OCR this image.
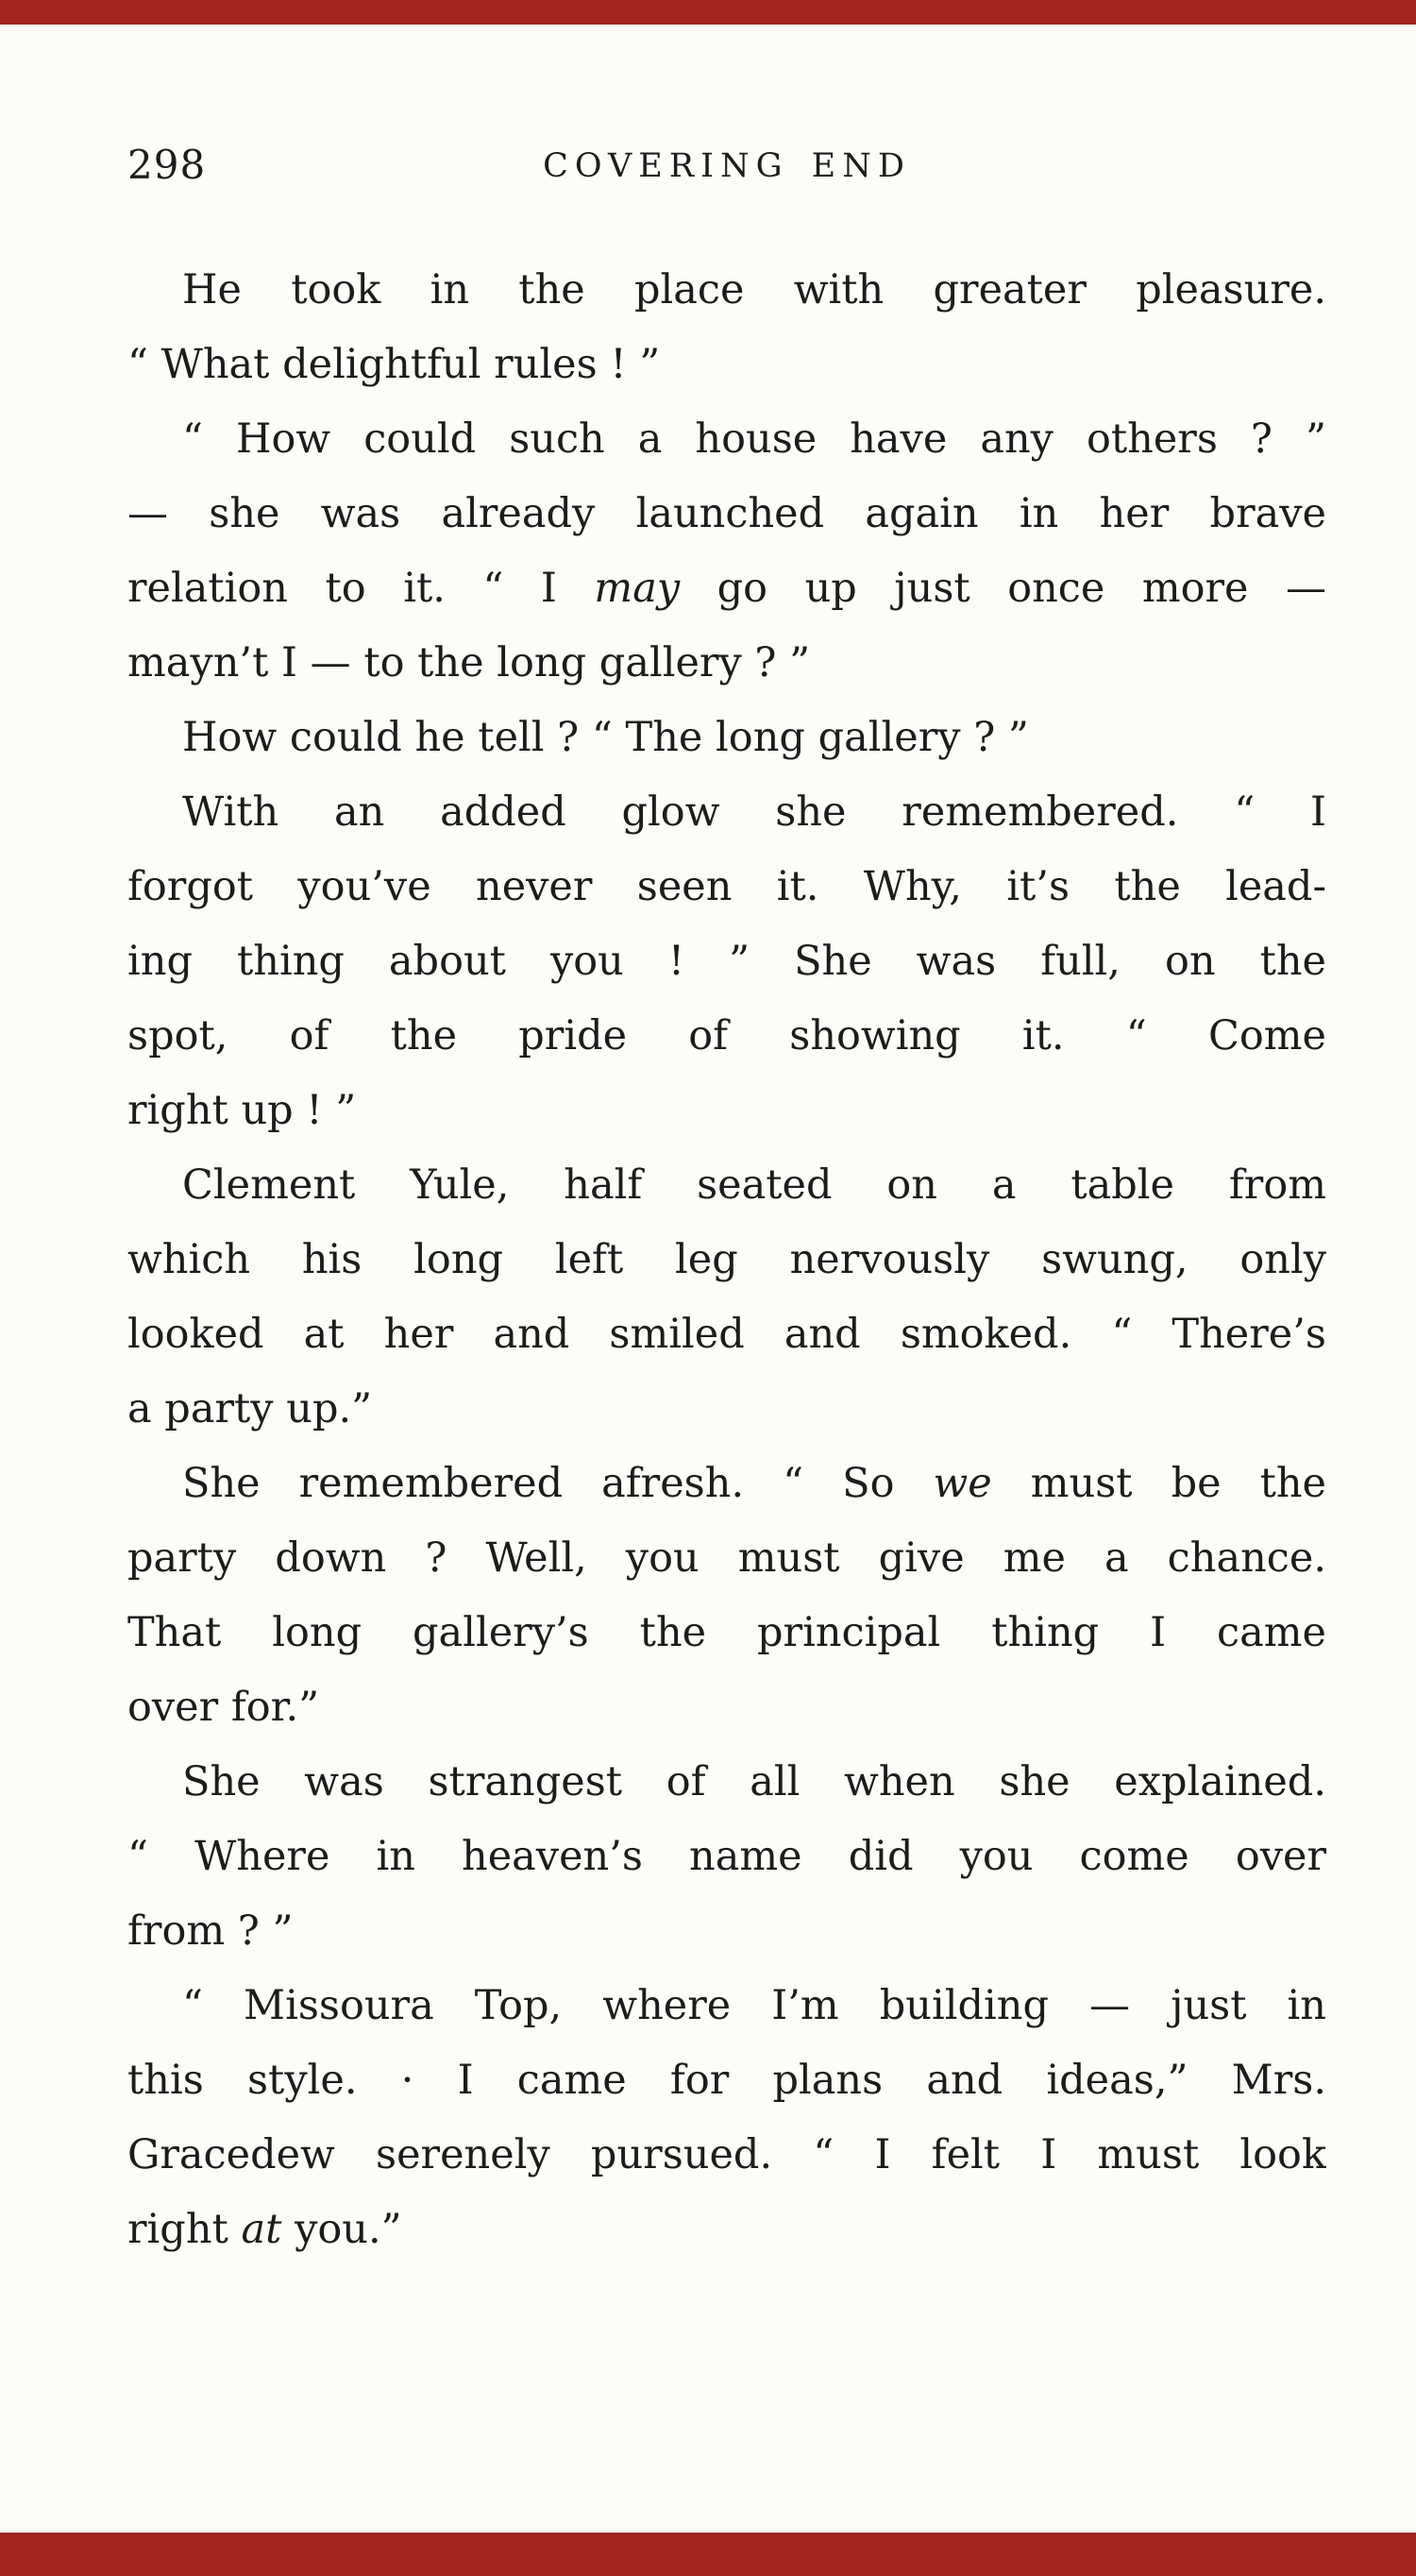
298	COVERING END
He took in the place with greater pleasure.
“ What delightful rules ! ”
“ How could such a house have any others ? ”
— she was already launched again in her brave
relation to it. “ I may go up just once more —
mayn’t I — to the long gallery ? ”
How could he tell ? “ The long gallery ? ”
With an added glow she remembered. “ I
forgot you’ve never seen it. Why, it’s the lead-
ing thing about you ! ” She was full, on the
spot, of the pride of showing it. “ Come
right up ! ”
Clement Yule, half seated on a table from
which his long left leg nervously swung, only
looked at her and smiled and smoked. “ There’s
a party up.”
She remembered afresh. “ So we must be the
party down ? Well, you must give me a chance.
That long gallery’s the principal thing I came
over for.”
She was strangest of all when she explained.
“ Where in heaven’s name did you come over
from ? ”
“ Missoura Top, where I’m building — just in
this style. · I came for plans and ideas,” Mrs.
Gracedew serenely pursued. “ I felt I must look
right at you.”
